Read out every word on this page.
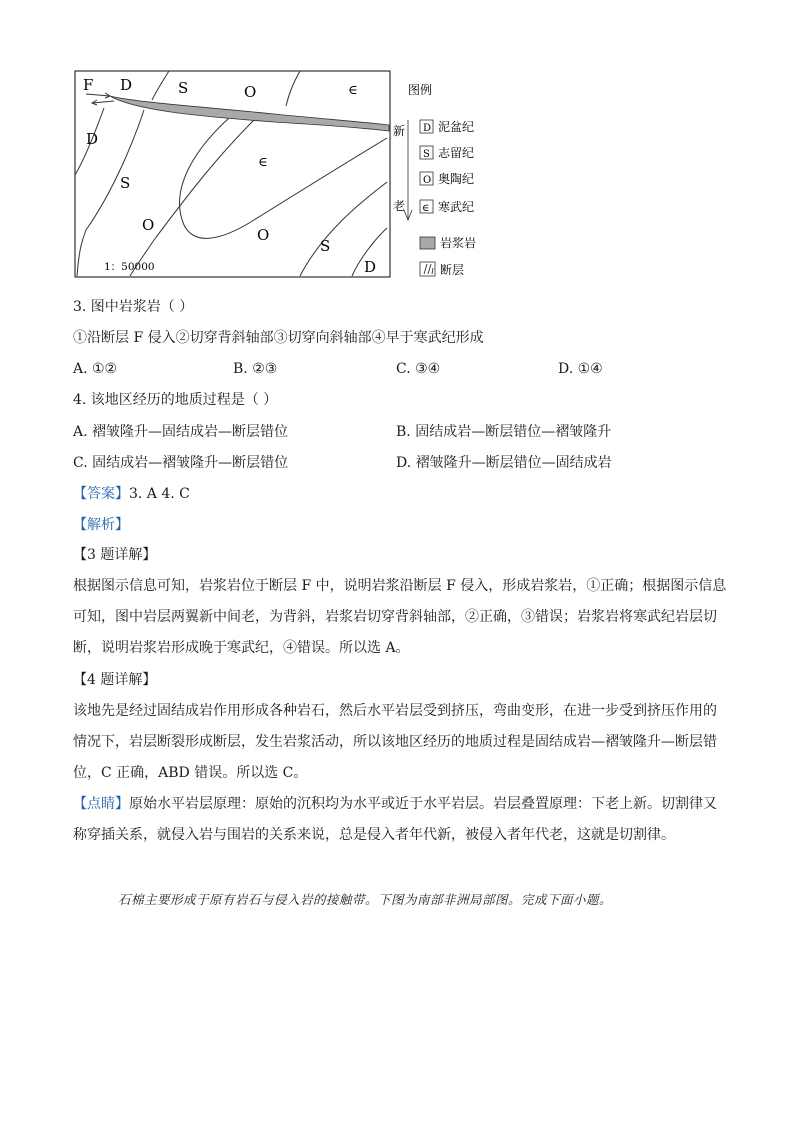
F D	S	O	∈
D
S
∈
O
O
S
D
1：50000
图例
新
老
D 泥盆纪
S 志留纪
O 奥陶纪
∈ 寒武纪
岩浆岩
断层
3. 图中岩浆岩（ ）
①沿断层 F 侵入②切穿背斜轴部③切穿向斜轴部④早于寒武纪形成
A. ①②	B. ②③	C. ③④	D. ①④
4. 该地区经历的地质过程是（ ）
A. 褶皱隆升—固结成岩—断层错位	B. 固结成岩—断层错位—褶皱隆升
C. 固结成岩—褶皱隆升—断层错位	D. 褶皱隆升—断层错位—固结成岩
【答案】3. A 4. C
【解析】
【3 题详解】
根据图示信息可知，岩浆岩位于断层 F 中，说明岩浆沿断层 F 侵入，形成岩浆岩，①正确；根据图示信息
可知，图中岩层两翼新中间老，为背斜，岩浆岩切穿背斜轴部，②正确，③错误；岩浆岩将寒武纪岩层切
断，说明岩浆岩形成晚于寒武纪，④错误。所以选 A。
【4 题详解】
该地先是经过固结成岩作用形成各种岩石，然后水平岩层受到挤压，弯曲变形，在进一步受到挤压作用的
情况下，岩层断裂形成断层，发生岩浆活动，所以该地区经历的地质过程是固结成岩—褶皱隆升—断层错
位，C 正确，ABD 错误。所以选 C。
【点睛】原始水平岩层原理：原始的沉积均为水平或近于水平岩层。岩层叠置原理：下老上新。切割律又
称穿插关系，就侵入岩与围岩的关系来说，总是侵入者年代新，被侵入者年代老，这就是切割律。
石棉主要形成于原有岩石与侵入岩的接触带。下图为南部非洲局部图。完成下面小题。
